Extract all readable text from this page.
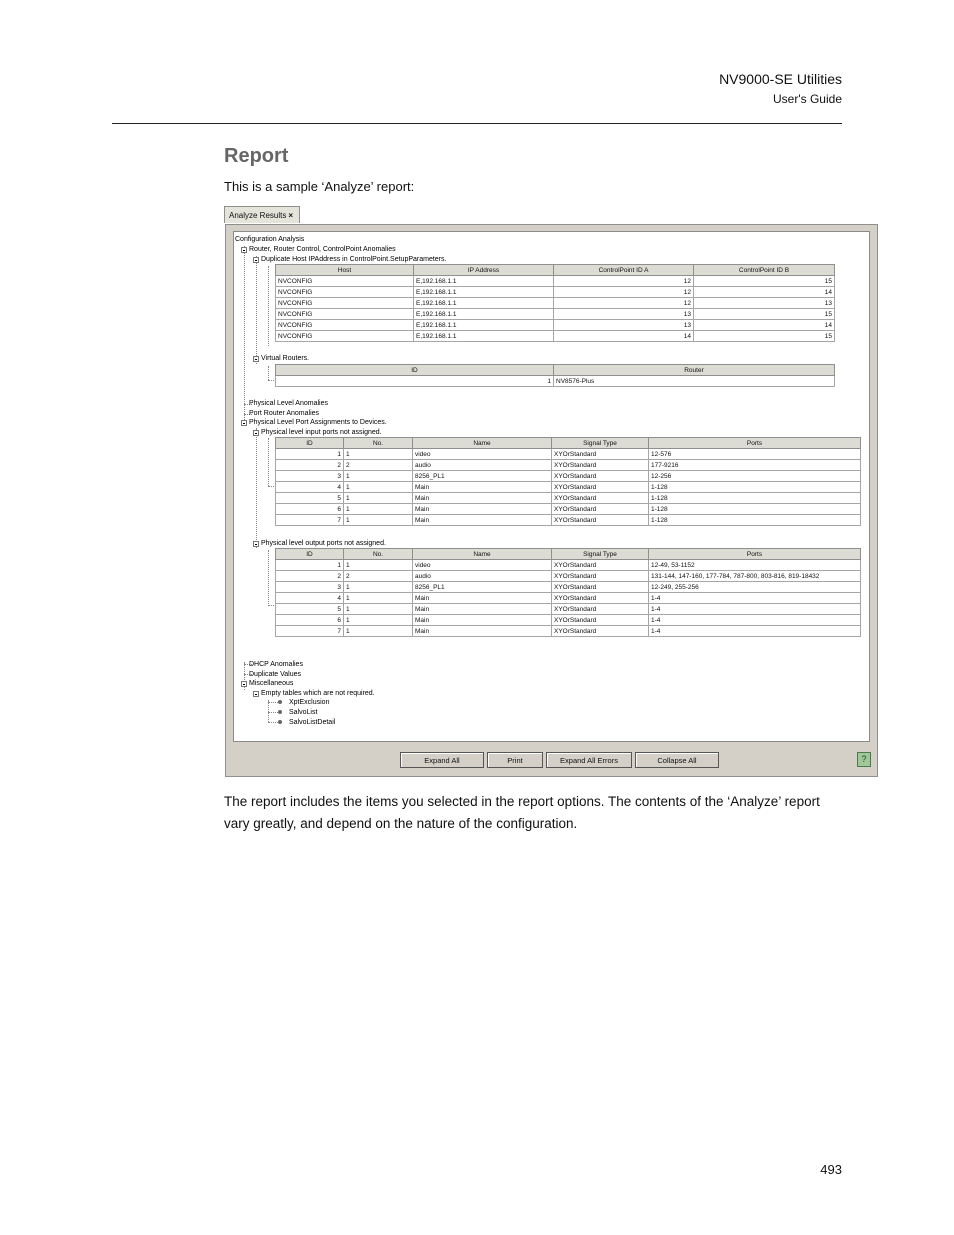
NV9000-SE Utilities
User's Guide
Report
This is a sample ‘Analyze’ report:
Analyze Results ×
Configuration Analysis
Router, Router Control, ControlPoint Anomalies
Duplicate Host IPAddress in ControlPoint.SetupParameters.
Host	IP Address	ControlPoint ID A	ControlPoint ID B
NVCONFIG	E,192.168.1.1	12	15
NVCONFIG	E,192.168.1.1	12	14
NVCONFIG	E,192.168.1.1	12	13
NVCONFIG	E,192.168.1.1	13	15
NVCONFIG	E,192.168.1.1	13	14
NVCONFIG	E,192.168.1.1	14	15
Virtual Routers.
ID	Router
1	NV8576-Plus
Physical Level Anomalies
Port Router Anomalies
Physical Level Port Assignments to Devices.
Physical level input ports not assigned.
ID	No.	Name	Signal Type	Ports
1	1	video	XYOrStandard	12-576
2	2	audio	XYOrStandard	177-9216
3	1	8256_PL1	XYOrStandard	12-256
4	1	Main	XYOrStandard	1-128
5	1	Main	XYOrStandard	1-128
6	1	Main	XYOrStandard	1-128
7	1	Main	XYOrStandard	1-128
Physical level output ports not assigned.
ID	No.	Name	Signal Type	Ports
1	1	video	XYOrStandard	12-49, 53-1152
2	2	audio	XYOrStandard	131-144, 147-160, 177-784, 787-800, 803-816, 819-18432
3	1	8256_PL1	XYOrStandard	12-249, 255-256
4	1	Main	XYOrStandard	1-4
5	1	Main	XYOrStandard	1-4
6	1	Main	XYOrStandard	1-4
7	1	Main	XYOrStandard	1-4
DHCP Anomalies
Duplicate Values
Miscellaneous
Empty tables which are not required.
XptExclusion
SalvoList
SalvoListDetail
Expand All	Print	Expand All Errors	Collapse All	?
The report includes the items you selected in the report options. The contents of the ‘Analyze’ report vary greatly, and depend on the nature of the configuration.
493
